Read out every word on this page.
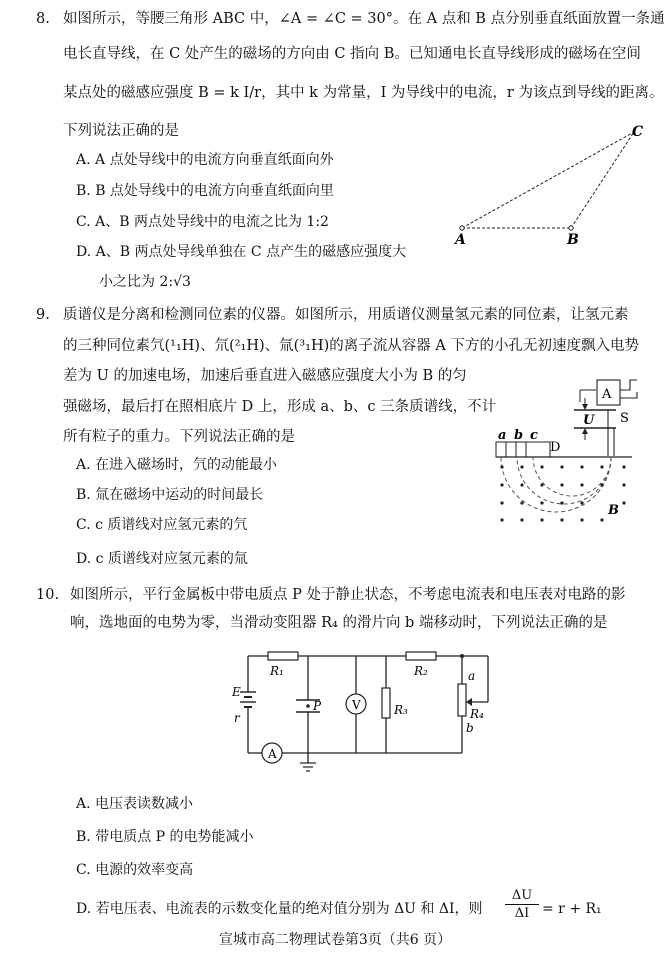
8. 如图所示，等腰三角形 ABC 中，∠A = ∠C = 30°。在 A 点和 B 点分别垂直纸面放置一条通
电长直导线，在 C 处产生的磁场的方向由 C 指向 B。已知通电长直导线形成的磁场在空间
某点处的磁感应强度 B = k I/r，其中 k 为常量，I 为导线中的电流，r 为该点到导线的距离。
下列说法正确的是
A. A 点处导线中的电流方向垂直纸面向外
B. B 点处导线中的电流方向垂直纸面向里
C. A、B 两点处导线中的电流之比为 1:2
D. A、B 两点处导线单独在 C 点产生的磁感应强度大
小之比为 2:√3
C
A	B
9. 质谱仪是分离和检测同位素的仪器。如图所示，用质谱仪测量氢元素的同位素，让氢元素
的三种同位素氕(¹₁H)、氘(²₁H)、氚(³₁H)的离子流从容器 A 下方的小孔无初速度飘入电势
差为 U 的加速电场，加速后垂直进入磁感应强度大小为 B 的匀
强磁场，最后打在照相底片 D 上，形成 a、b、c 三条质谱线，不计
所有粒子的重力。下列说法正确的是
A. 在进入磁场时，氕的动能最小
B. 氚在磁场中运动的时间最长
C. c 质谱线对应氢元素的氕
D. c 质谱线对应氢元素的氚
A
U S
D
a b c
B
10. 如图所示，平行金属板中带电质点 P 处于静止状态，不考虑电流表和电压表对电路的影
响，选地面的电势为零，当滑动变阻器 R₄ 的滑片向 b 端移动时，下列说法正确的是
R₁	R₂
E
r
A
P	V	R₃
a
R₄
b
A. 电压表读数减小
B. 带电质点 P 的电势能减小
C. 电源的效率变高
D. 若电压表、电流表的示数变化量的绝对值分别为 ΔU 和 ΔI，则
ΔU
ΔI = r + R₁
宣城市高二物理试卷第3页（共6 页）
